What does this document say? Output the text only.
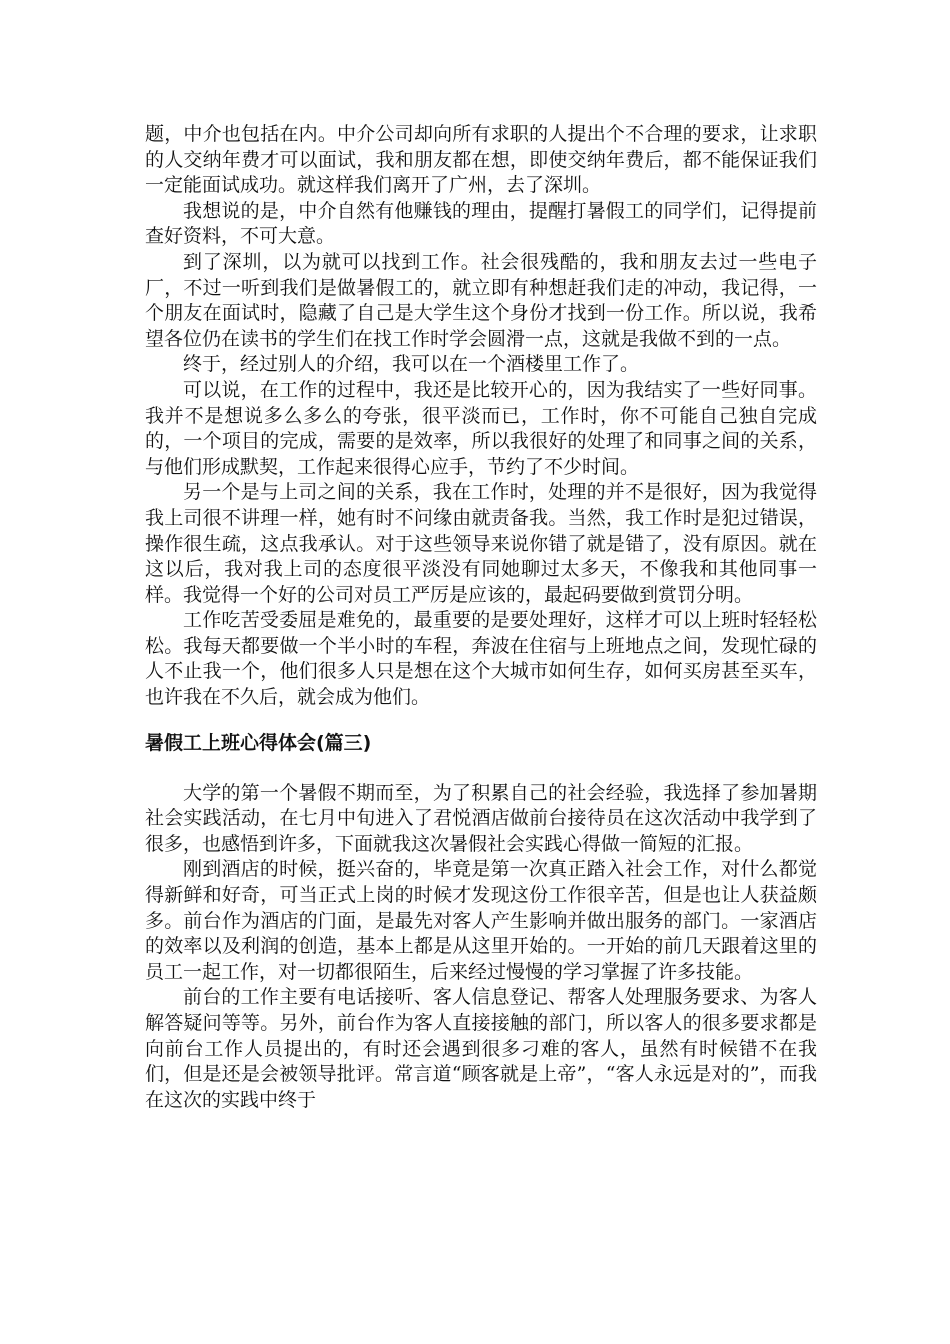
题，中介也包括在内。中介公司却向所有求职的人提出个不合理的要求，让求职的人交纳年费才可以面试，我和朋友都在想，即使交纳年费后，都不能保证我们一定能面试成功。就这样我们离开了广州，去了深圳。

我想说的是，中介自然有他赚钱的理由，提醒打暑假工的同学们，记得提前查好资料，不可大意。

到了深圳，以为就可以找到工作。社会很残酷的，我和朋友去过一些电子厂，不过一听到我们是做暑假工的，就立即有种想赶我们走的冲动，我记得，一个朋友在面试时，隐藏了自己是大学生这个身份才找到一份工作。所以说，我希望各位仍在读书的学生们在找工作时学会圆滑一点，这就是我做不到的一点。

终于，经过别人的介绍，我可以在一个酒楼里工作了。

可以说，在工作的过程中，我还是比较开心的，因为我结实了一些好同事。我并不是想说多么多么的夸张，很平淡而已，工作时，你不可能自己独自完成的，一个项目的完成，需要的是效率，所以我很好的处理了和同事之间的关系，与他们形成默契，工作起来很得心应手，节约了不少时间。

另一个是与上司之间的关系，我在工作时，处理的并不是很好，因为我觉得我上司很不讲理一样，她有时不问缘由就责备我。当然，我工作时是犯过错误，操作很生疏，这点我承认。对于这些领导来说你错了就是错了，没有原因。就在这以后，我对我上司的态度很平淡没有同她聊过太多天，不像我和其他同事一样。我觉得一个好的公司对员工严厉是应该的，最起码要做到赏罚分明。

工作吃苦受委屈是难免的，最重要的是要处理好，这样才可以上班时轻轻松松。我每天都要做一个半小时的车程，奔波在住宿与上班地点之间，发现忙碌的人不止我一个，他们很多人只是想在这个大城市如何生存，如何买房甚至买车，也许我在不久后，就会成为他们。

暑假工上班心得体会(篇三)

大学的第一个暑假不期而至，为了积累自己的社会经验，我选择了参加暑期社会实践活动，在七月中旬进入了君悦酒店做前台接待员在这次活动中我学到了很多，也感悟到许多，下面就我这次暑假社会实践心得做一简短的汇报。

刚到酒店的时候，挺兴奋的，毕竟是第一次真正踏入社会工作，对什么都觉得新鲜和好奇，可当正式上岗的时候才发现这份工作很辛苦，但是也让人获益颇多。前台作为酒店的门面，是最先对客人产生影响并做出服务的部门。一家酒店的效率以及利润的创造，基本上都是从这里开始的。一开始的前几天跟着这里的员工一起工作，对一切都很陌生，后来经过慢慢的学习掌握了许多技能。

前台的工作主要有电话接听、客人信息登记、帮客人处理服务要求、为客人解答疑问等等。另外，前台作为客人直接接触的部门，所以客人的很多要求都是向前台工作人员提出的，有时还会遇到很多刁难的客人，虽然有时候错不在我们，但是还是会被领导批评。常言道“顾客就是上帝”，“客人永远是对的”，而我在这次的实践中终于
